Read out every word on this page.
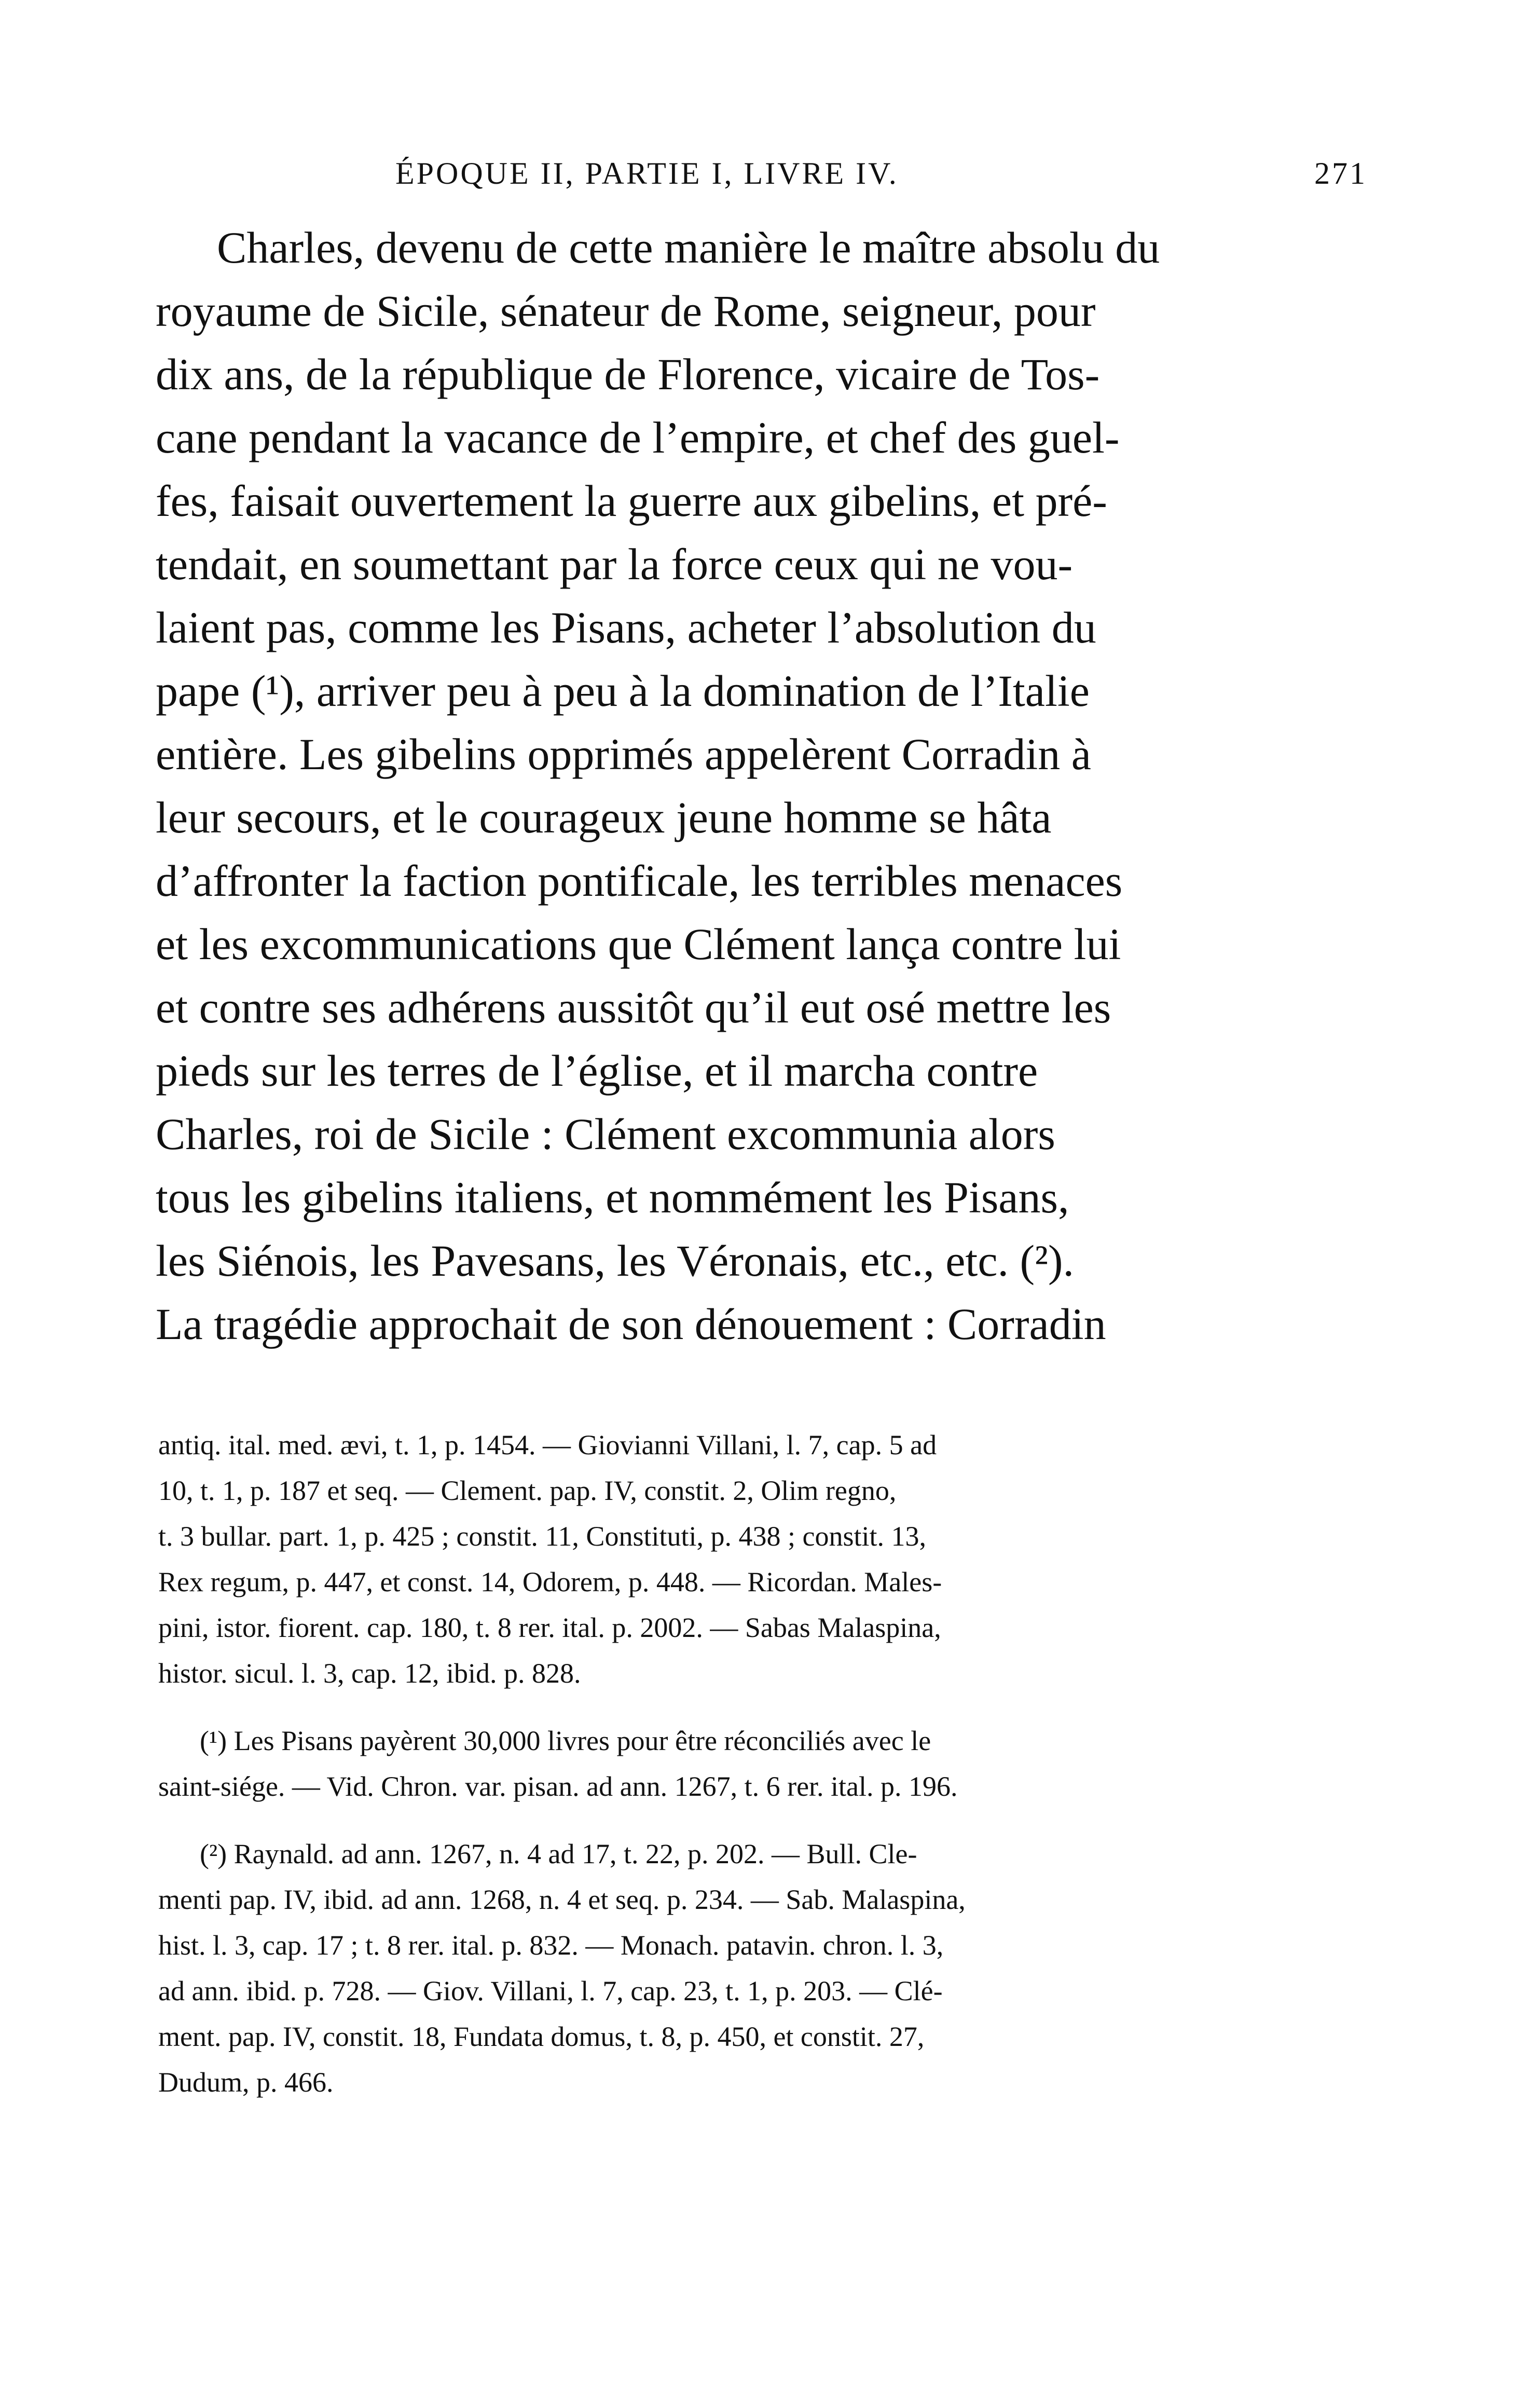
ÉPOQUE II, PARTIE I, LIVRE IV.	271
Charles, devenu de cette manière le maître absolu du
royaume de Sicile, sénateur de Rome, seigneur, pour
dix ans, de la république de Florence, vicaire de Tos-
cane pendant la vacance de l’empire, et chef des guel-
fes, faisait ouvertement la guerre aux gibelins, et pré-
tendait, en soumettant par la force ceux qui ne vou-
laient pas, comme les Pisans, acheter l’absolution du
pape (¹), arriver peu à peu à la domination de l’Italie
entière. Les gibelins opprimés appelèrent Corradin à
leur secours, et le courageux jeune homme se hâta
d’affronter la faction pontificale, les terribles menaces
et les excommunications que Clément lança contre lui
et contre ses adhérens aussitôt qu’il eut osé mettre les
pieds sur les terres de l’église, et il marcha contre
Charles, roi de Sicile : Clément excommunia alors
tous les gibelins italiens, et nommément les Pisans,
les Siénois, les Pavesans, les Véronais, etc., etc. (²).
La tragédie approchait de son dénouement : Corradin
antiq. ital. med. ævi, t. 1, p. 1454. — Giovianni Villani, l. 7, cap. 5 ad
10, t. 1, p. 187 et seq. — Clement. pap. IV, constit. 2, Olim regno,
t. 3 bullar. part. 1, p. 425 ; constit. 11, Constituti, p. 438 ; constit. 13,
Rex regum, p. 447, et const. 14, Odorem, p. 448. — Ricordan. Males-
pini, istor. fiorent. cap. 180, t. 8 rer. ital. p. 2002. — Sabas Malaspina,
histor. sicul. l. 3, cap. 12, ibid. p. 828.
(¹) Les Pisans payèrent 30,000 livres pour être réconciliés avec le
saint-siége. — Vid. Chron. var. pisan. ad ann. 1267, t. 6 rer. ital. p. 196.
(²) Raynald. ad ann. 1267, n. 4 ad 17, t. 22, p. 202. — Bull. Cle-
menti pap. IV, ibid. ad ann. 1268, n. 4 et seq. p. 234. — Sab. Malaspina,
hist. l. 3, cap. 17 ; t. 8 rer. ital. p. 832. — Monach. patavin. chron. l. 3,
ad ann. ibid. p. 728. — Giov. Villani, l. 7, cap. 23, t. 1, p. 203. — Clé-
ment. pap. IV, constit. 18, Fundata domus, t. 8, p. 450, et constit. 27,
Dudum, p. 466.
